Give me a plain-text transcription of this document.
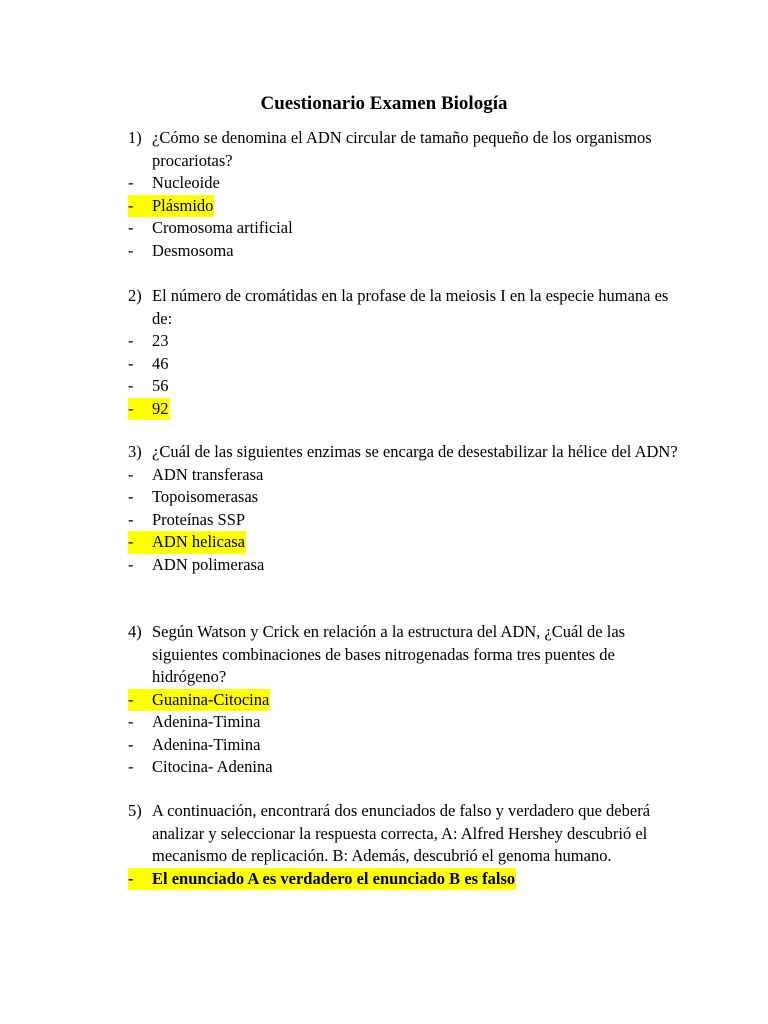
Cuestionario Examen Biología
1) ¿Cómo se denomina el ADN circular de tamaño pequeño de los organismos procariotas?
-	Nucleoide
-	Plásmido
-	Cromosoma artificial
-	Desmosoma
2) El número de cromátidas en la profase de la meiosis I en la especie humana es de:
-	23
-	46
-	56
-	92
3) ¿Cuál de las siguientes enzimas se encarga de desestabilizar la hélice del ADN?
-	ADN transferasa
-	Topoisomerasas
-	Proteínas SSP
-	ADN helicasa
-	ADN polimerasa
4) Según Watson y Crick en relación a la estructura del ADN, ¿Cuál de las siguientes combinaciones de bases nitrogenadas forma tres puentes de hidrógeno?
-	Guanina-Citocina
-	Adenina-Timina
-	Adenina-Timina
-	Citocina- Adenina
5) A continuación, encontrará dos enunciados de falso y verdadero que deberá analizar y seleccionar la respuesta correcta, A: Alfred Hershey descubrió el mecanismo de replicación. B: Además, descubrió el genoma humano.
-	El enunciado A es verdadero el enunciado B es falso
